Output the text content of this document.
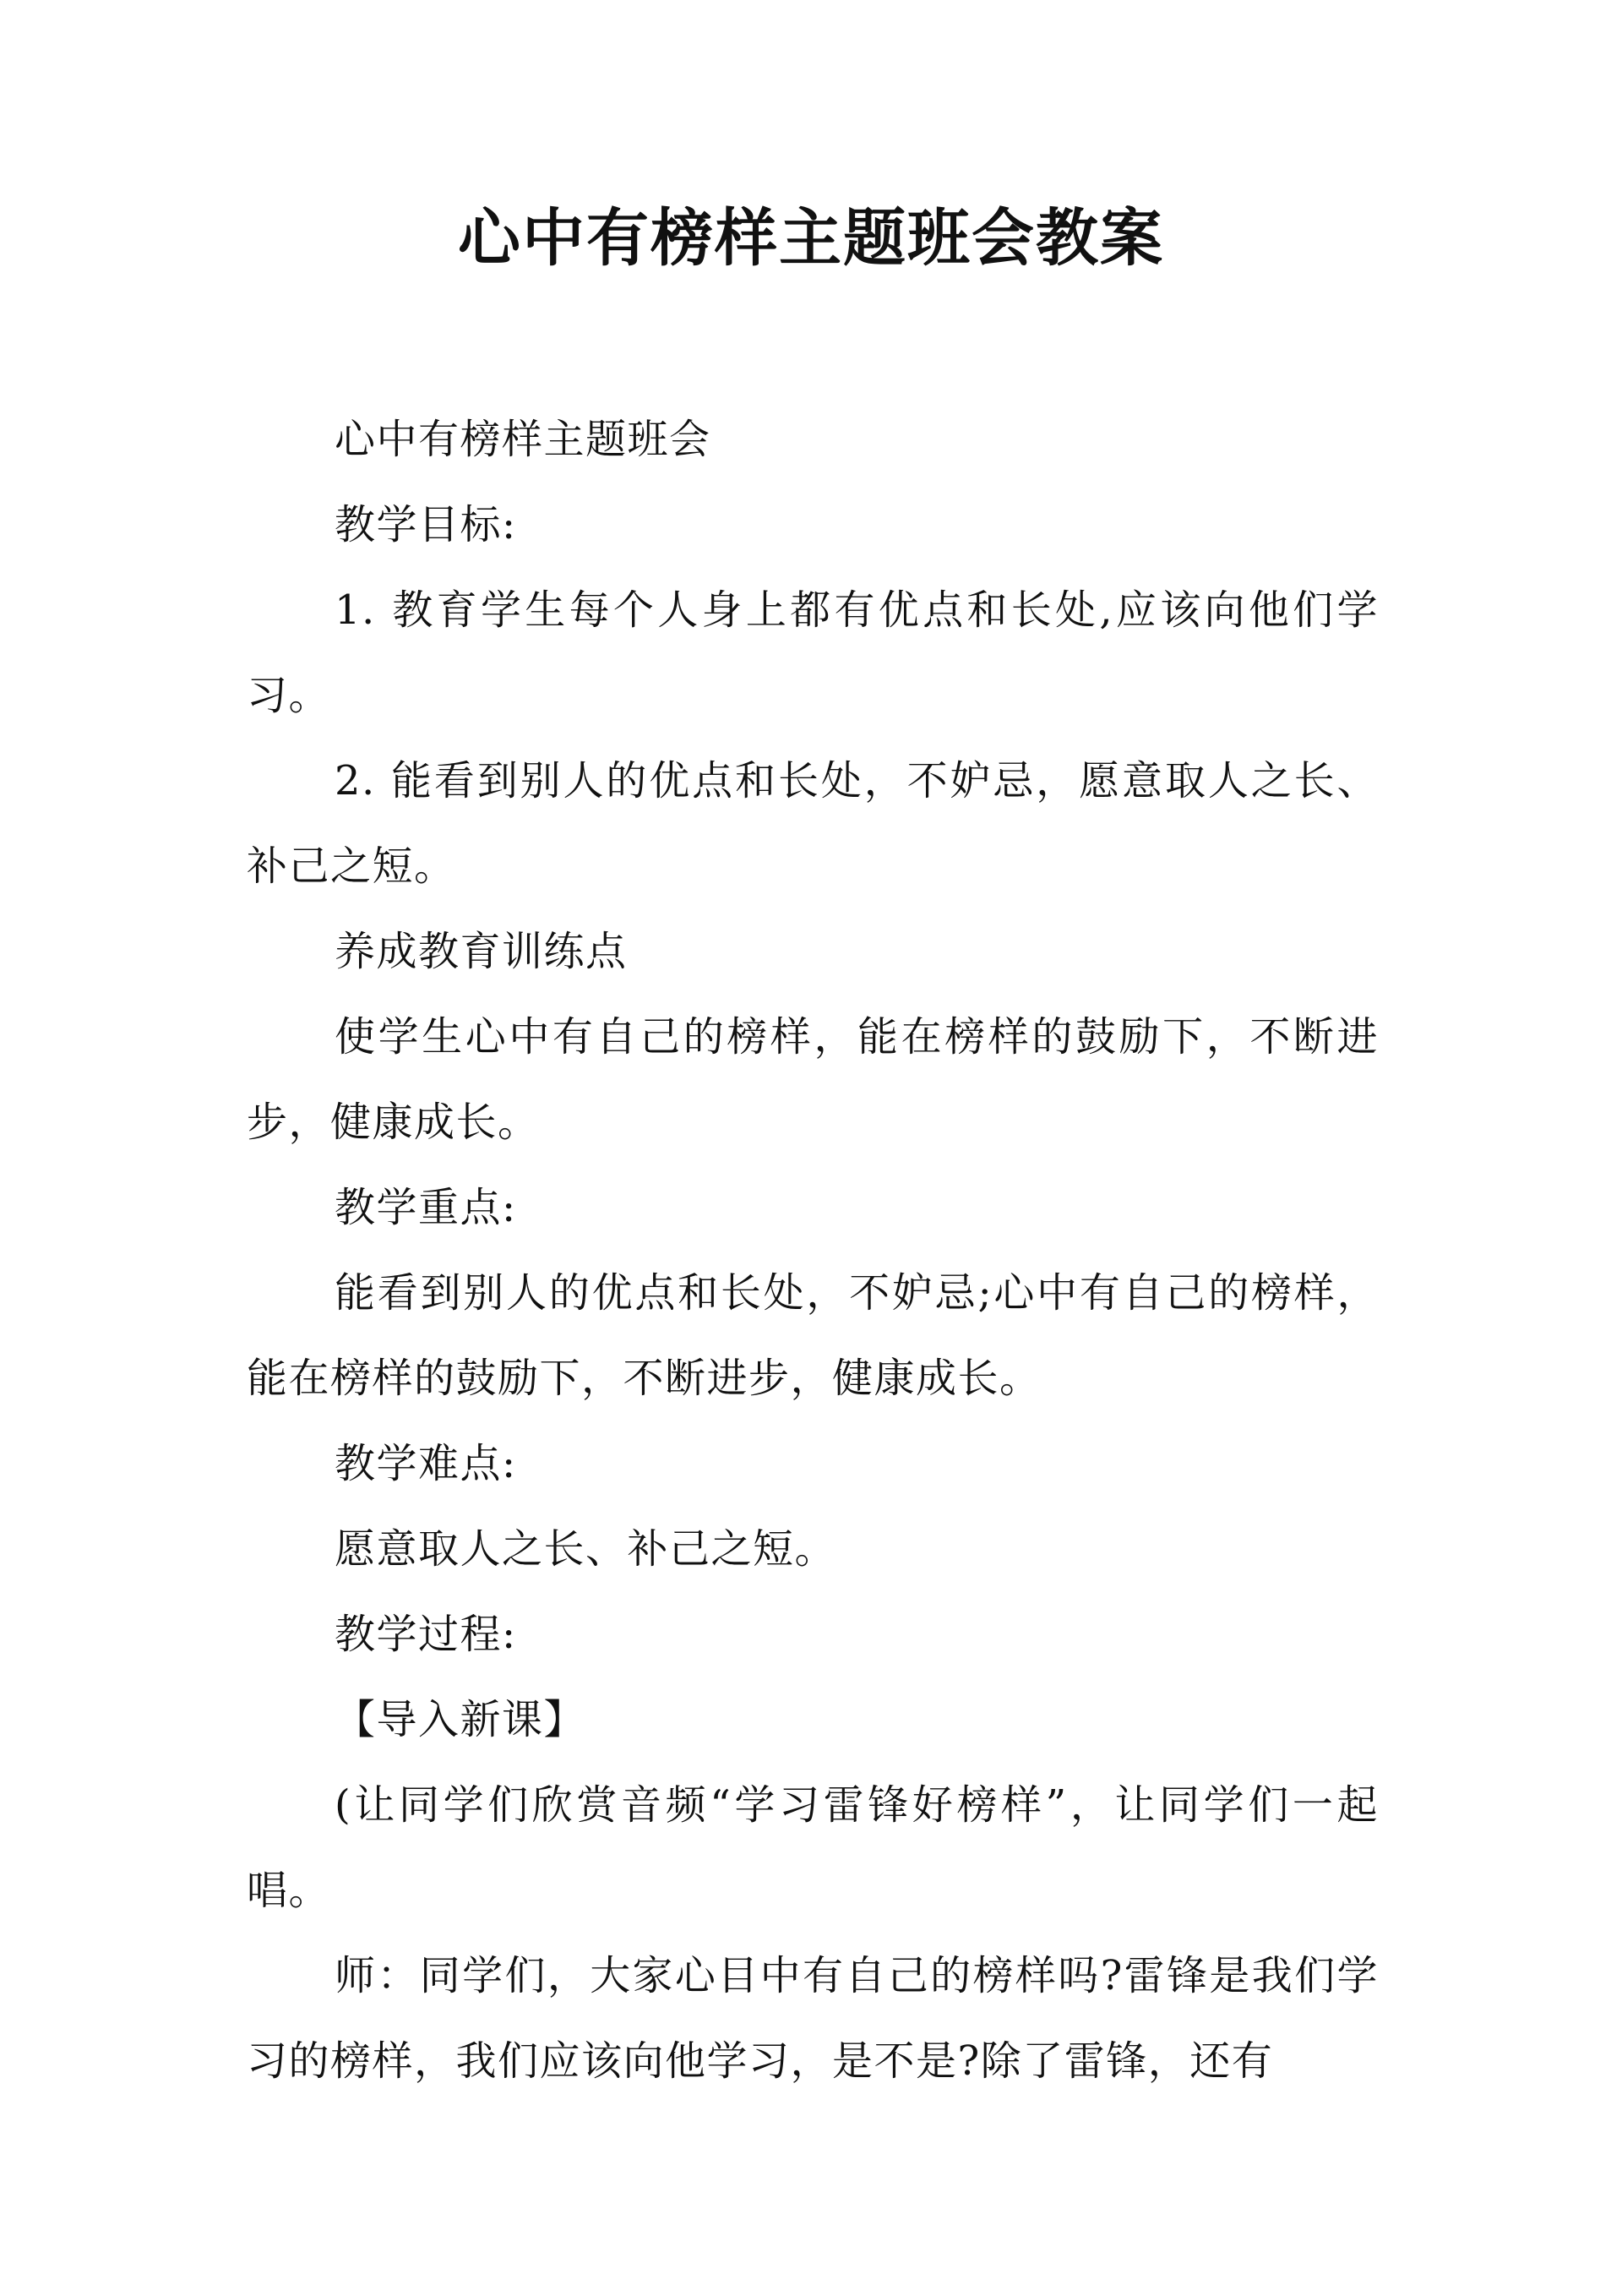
心中有榜样主题班会教案

心中有榜样主题班会

教学目标:

1. 教育学生每个人身上都有优点和长处,应该向他们学习。

2. 能看到别人的优点和长处，不妒忌，愿意取人之长、补己之短。

养成教育训练点

使学生心中有自己的榜样，能在榜样的鼓励下，不断进步，健康成长。

教学重点:

能看到别人的优点和长处，不妒忌;心中有自己的榜样，能在榜样的鼓励下，不断进步，健康成长。

教学难点:

愿意取人之长、补己之短。

教学过程:

【导入新课】

(让同学们欣赏音频“学习雷锋好榜样”，让同学们一起唱。

师：同学们，大家心目中有自己的榜样吗?雷锋是我们学习的榜样，我们应该向他学习，是不是?除了雷锋，还有
